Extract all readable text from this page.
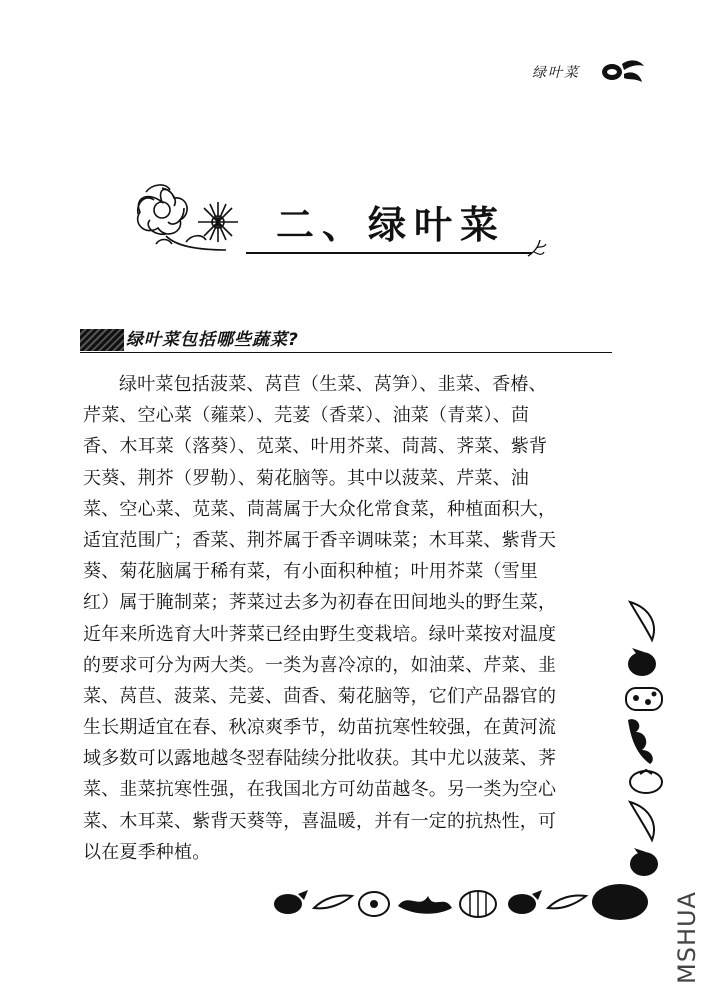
绿叶菜
二、绿叶菜
绿叶菜包括哪些蔬菜?
绿叶菜包括菠菜、莴苣（生菜、莴笋）、韭菜、香椿、
芹菜、空心菜（蕹菜）、芫荽（香菜）、油菜（青菜）、茴
香、木耳菜（落葵）、苋菜、叶用芥菜、茼蒿、荠菜、紫背
天葵、荆芥（罗勒）、菊花脑等。其中以菠菜、芹菜、油
菜、空心菜、苋菜、茼蒿属于大众化常食菜，种植面积大，
适宜范围广；香菜、荆芥属于香辛调味菜；木耳菜、紫背天
葵、菊花脑属于稀有菜，有小面积种植；叶用芥菜（雪里
红）属于腌制菜；荠菜过去多为初春在田间地头的野生菜，
近年来所选育大叶荠菜已经由野生变栽培。绿叶菜按对温度
的要求可分为两大类。一类为喜冷凉的，如油菜、芹菜、韭
菜、莴苣、菠菜、芫荽、茴香、菊花脑等，它们产品器官的
生长期适宜在春、秋凉爽季节，幼苗抗寒性较强，在黄河流
域多数可以露地越冬翌春陆续分批收获。其中尤以菠菜、荠
菜、韭菜抗寒性强，在我国北方可幼苗越冬。另一类为空心
菜、木耳菜、紫背天葵等，喜温暖，并有一定的抗热性，可
以在夏季种植。
MSHUA
